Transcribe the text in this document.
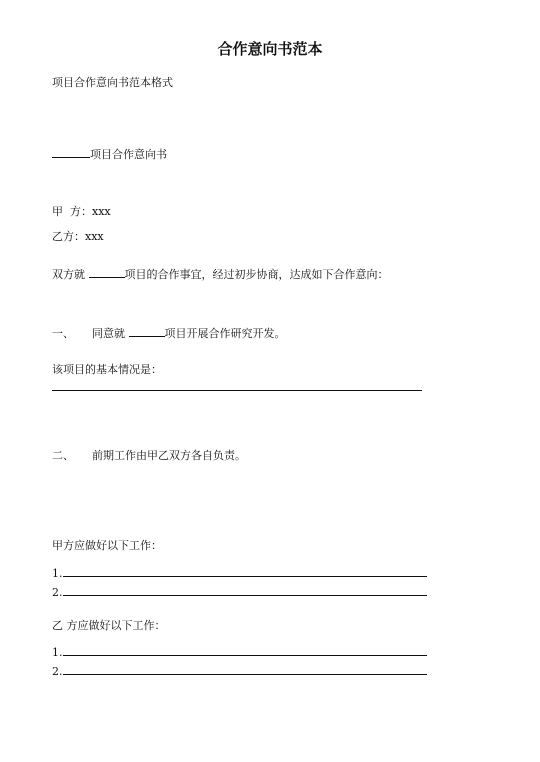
合作意向书范本
项目合作意向书范本格式
项目合作意向书
甲  方：xxx
乙方：xxx
双方就	项目的合作事宜，经过初步协商，达成如下合作意向：
一、 同意就	项目开展合作研究开发。
该项目的基本情况是：
二、 前期工作由甲乙双方各自负责。
甲方应做好以下工作：
1.
2.
乙 方应做好以下工作：
1.
2.
